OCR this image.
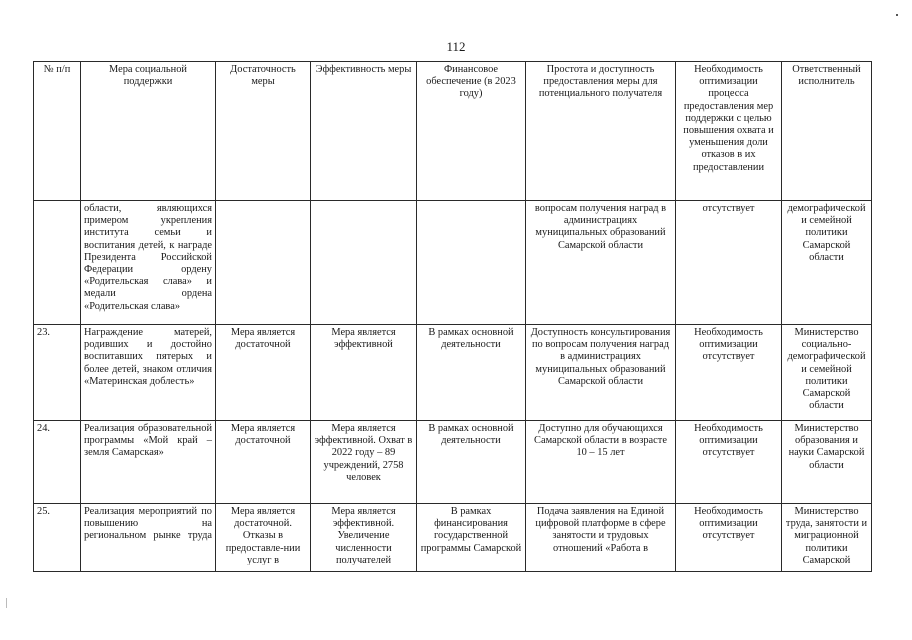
112
№ п/п	Мера социальной поддержки	Достаточность меры	Эффективность меры	Финансовое обеспечение (в 2023 году)	Простота и доступность предоставления меры для потенциального получателя	Необходимость оптимизации процесса предоставления мер поддержки с целью повышения охвата и уменьшения доли отказов в их предоставлении	Ответственный исполнитель
	области, являющихся примером укрепления института семьи и воспитания детей, к награде Президента Российской Федерации ордену «Родительская слава» и медали ордена «Родительская слава»				вопросам получения наград в администрациях муниципальных образований Самарской области	отсутствует	демографической и семейной политики Самарской области
23.	Награждение матерей, родивших и достойно воспитавших пятерых и более детей, знаком отличия «Материнская доблесть»	Мера является достаточной	Мера является эффективной	В рамках основной деятельности	Доступность консультирования по вопросам получения наград в администрациях муниципальных образований Самарской области	Необходимость оптимизации отсутствует	Министерство социально-демографической и семейной политики Самарской области
24.	Реализация образовательной программы «Мой край – земля Самарская»	Мера является достаточной	Мера является эффективной. Охват в 2022 году – 89 учреждений, 2758 человек	В рамках основной деятельности	Доступно для обучающихся Самарской области в возрасте 10 – 15 лет	Необходимость оптимизации отсутствует	Министерство образования и науки Самарской области

25.	Реализация мероприятий по повышению на региональном рынке труда	Мера является достаточной. Отказы в предоставле-нии услуг в	Мера является эффективной. Увеличение численности получателей	В рамках финансирования государственной программы Самарской	Подача заявления на Единой цифровой платформе в сфере занятости и трудовых отношений «Работа в	Необходимость оптимизации отсутствует	Министерство труда, занятости и миграционной политики Самарской
